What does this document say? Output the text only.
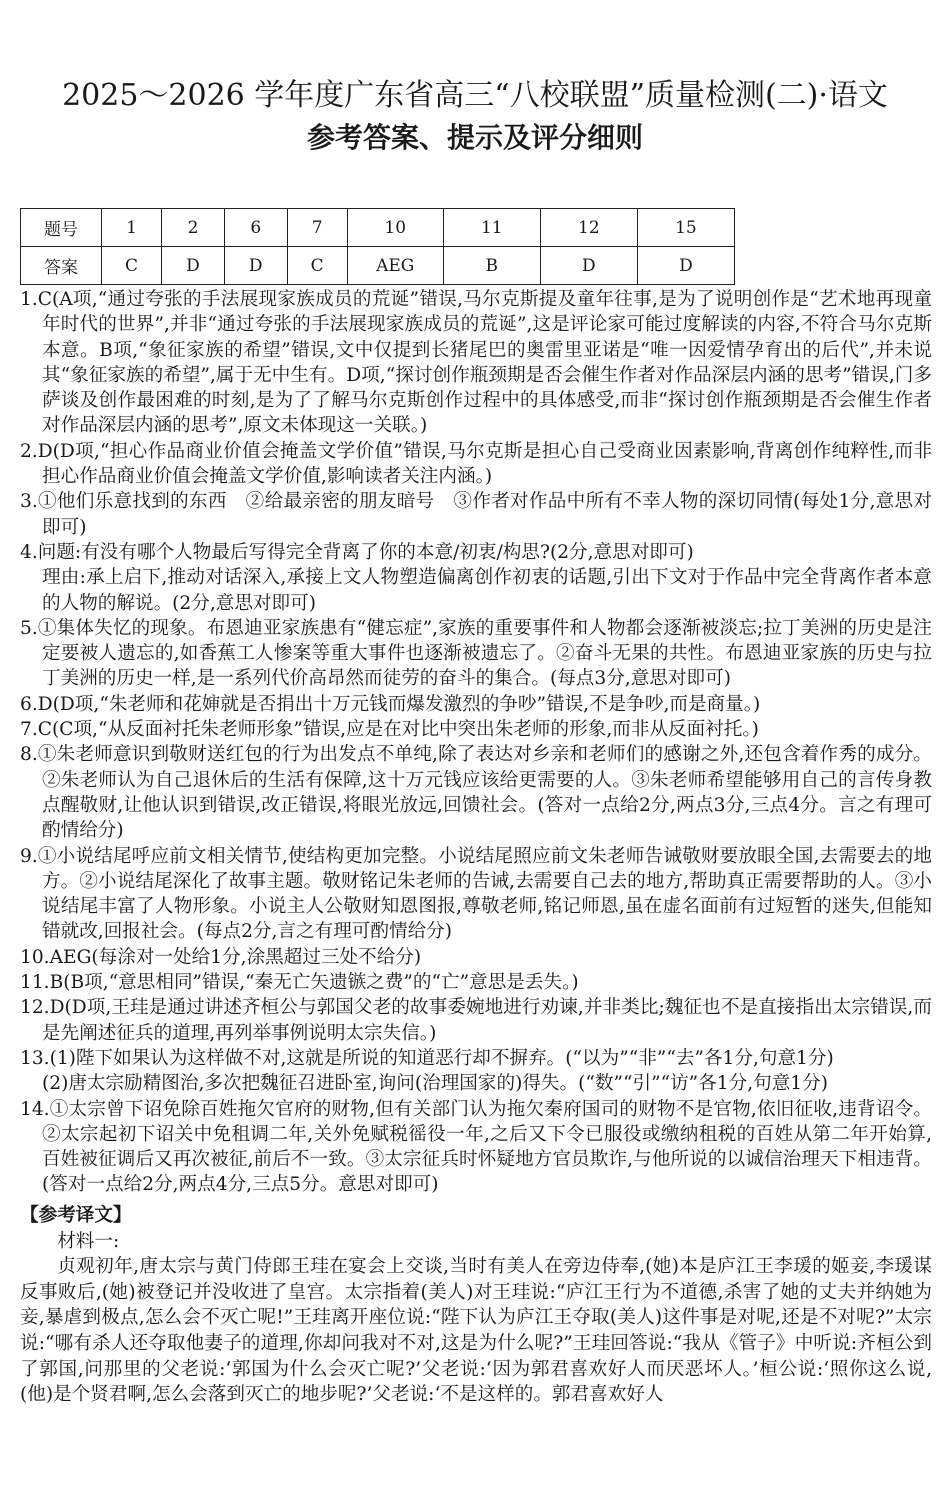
2025～2026 学年度广东省高三“八校联盟”质量检测(二)·语文
参考答案、提示及评分细则
题号	1	2	6	7	10	11	12	15
答案	C	D	D	C	AEG	B	D	D

1.C(A项,“通过夸张的手法展现家族成员的荒诞”错误,马尔克斯提及童年往事,是为了说明创作是“艺术地再现童年时代的世界”,并非“通过夸张的手法展现家族成员的荒诞”,这是评论家可能过度解读的内容,不符合马尔克斯本意。B项,“象征家族的希望”错误,文中仅提到长猪尾巴的奥雷里亚诺是“唯一因爱情孕育出的后代”,并未说其“象征家族的希望”,属于无中生有。D项,“探讨创作瓶颈期是否会催生作者对作品深层内涵的思考”错误,门多萨谈及创作最困难的时刻,是为了了解马尔克斯创作过程中的具体感受,而非“探讨创作瓶颈期是否会催生作者对作品深层内涵的思考”,原文未体现这一关联。)

2.D(D项,“担心作品商业价值会掩盖文学价值”错误,马尔克斯是担心自己受商业因素影响,背离创作纯粹性,而非担心作品商业价值会掩盖文学价值,影响读者关注内涵。)

3.①他们乐意找到的东西　②给最亲密的朋友暗号　③作者对作品中所有不幸人物的深切同情(每处1分,意思对即可)

4.问题:有没有哪个人物最后写得完全背离了你的本意/初衷/构思?(2分,意思对即可)

理由:承上启下,推动对话深入,承接上文人物塑造偏离创作初衷的话题,引出下文对于作品中完全背离作者本意的人物的解说。(2分,意思对即可)

5.①集体失忆的现象。布恩迪亚家族患有“健忘症”,家族的重要事件和人物都会逐渐被淡忘;拉丁美洲的历史是注定要被人遗忘的,如香蕉工人惨案等重大事件也逐渐被遗忘了。②奋斗无果的共性。布恩迪亚家族的历史与拉丁美洲的历史一样,是一系列代价高昂然而徒劳的奋斗的集合。(每点3分,意思对即可)

6.D(D项,“朱老师和花婶就是否捐出十万元钱而爆发激烈的争吵”错误,不是争吵,而是商量。)

7.C(C项,“从反面衬托朱老师形象”错误,应是在对比中突出朱老师的形象,而非从反面衬托。)

8.①朱老师意识到敬财送红包的行为出发点不单纯,除了表达对乡亲和老师们的感谢之外,还包含着作秀的成分。②朱老师认为自己退休后的生活有保障,这十万元钱应该给更需要的人。③朱老师希望能够用自己的言传身教点醒敬财,让他认识到错误,改正错误,将眼光放远,回馈社会。(答对一点给2分,两点3分,三点4分。言之有理可酌情给分)

9.①小说结尾呼应前文相关情节,使结构更加完整。小说结尾照应前文朱老师告诫敬财要放眼全国,去需要去的地方。②小说结尾深化了故事主题。敬财铭记朱老师的告诫,去需要自己去的地方,帮助真正需要帮助的人。③小说结尾丰富了人物形象。小说主人公敬财知恩图报,尊敬老师,铭记师恩,虽在虚名面前有过短暂的迷失,但能知错就改,回报社会。(每点2分,言之有理可酌情给分)

10.AEG(每涂对一处给1分,涂黑超过三处不给分)

11.B(B项,“意思相同”错误,“秦无亡矢遗镞之费”的“亡”意思是丢失。)

12.D(D项,王珪是通过讲述齐桓公与郭国父老的故事委婉地进行劝谏,并非类比;魏征也不是直接指出太宗错误,而是先阐述征兵的道理,再列举事例说明太宗失信。)

13.(1)陛下如果认为这样做不对,这就是所说的知道恶行却不摒弃。(“以为”“非”“去”各1分,句意1分)

(2)唐太宗励精图治,多次把魏征召进卧室,询问(治理国家的)得失。(“数”“引”“访”各1分,句意1分)

14.①太宗曾下诏免除百姓拖欠官府的财物,但有关部门认为拖欠秦府国司的财物不是官物,依旧征收,违背诏令。②太宗起初下诏关中免租调二年,关外免赋税徭役一年,之后又下令已服役或缴纳租税的百姓从第二年开始算,百姓被征调后又再次被征,前后不一致。③太宗征兵时怀疑地方官员欺诈,与他所说的以诚信治理天下相违背。(答对一点给2分,两点4分,三点5分。意思对即可)

【参考译文】

材料一:

贞观初年,唐太宗与黄门侍郎王珪在宴会上交谈,当时有美人在旁边侍奉,(她)本是庐江王李瑗的姬妾,李瑗谋反事败后,(她)被登记并没收进了皇宫。太宗指着(美人)对王珪说:“庐江王行为不道德,杀害了她的丈夫并纳她为妾,暴虐到极点,怎么会不灭亡呢!”王珪离开座位说:“陛下认为庐江王夺取(美人)这件事是对呢,还是不对呢?”太宗说:“哪有杀人还夺取他妻子的道理,你却问我对不对,这是为什么呢?”王珪回答说:“我从《管子》中听说:齐桓公到了郭国,问那里的父老说:‘郭国为什么会灭亡呢?’父老说:‘因为郭君喜欢好人而厌恶坏人。’桓公说:‘照你这么说,(他)是个贤君啊,怎么会落到灭亡的地步呢?’父老说:‘不是这样的。郭君喜欢好人
